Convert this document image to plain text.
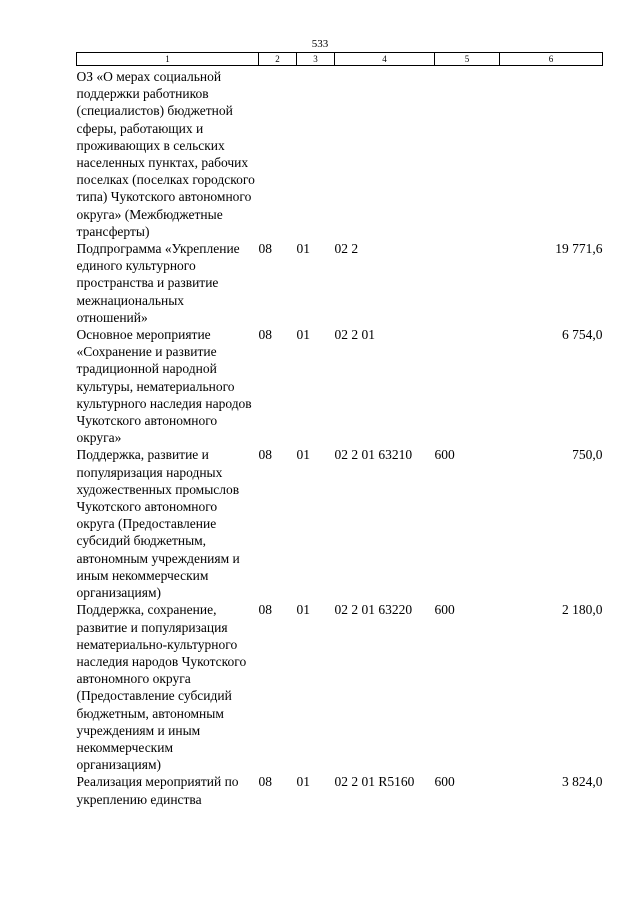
533
1	2	3	4	5	6
ОЗ «О мерах социальной поддержки работников (специалистов) бюджетной сферы, работающих и проживающих в сельских населенных пунктах, рабочих поселках (поселках городского типа) Чукотского автономного округа» (Межбюджетные трансферты)					
Подпрограмма «Укрепление единого культурного пространства и развитие межнациональных отношений»	08	01	02 2		19 771,6
Основное мероприятие «Сохранение и развитие традиционной народной культуры, нематериального культурного наследия народов Чукотского автономного округа»	08	01	02 2 01		6 754,0
Поддержка, развитие и популяризация народных художественных промыслов Чукотского автономного округа (Предоставление субсидий бюджетным, автономным учреждениям и иным некоммерческим организациям)	08	01	02 2 01 63210	600	750,0
Поддержка, сохранение, развитие и популяризация нематериально-культурного наследия народов Чукотского автономного округа (Предоставление субсидий бюджетным, автономным учреждениям и иным некоммерческим организациям)	08	01	02 2 01 63220	600	2 180,0
Реализация мероприятий по укреплению единства	08	01	02 2 01 R5160	600	3 824,0
